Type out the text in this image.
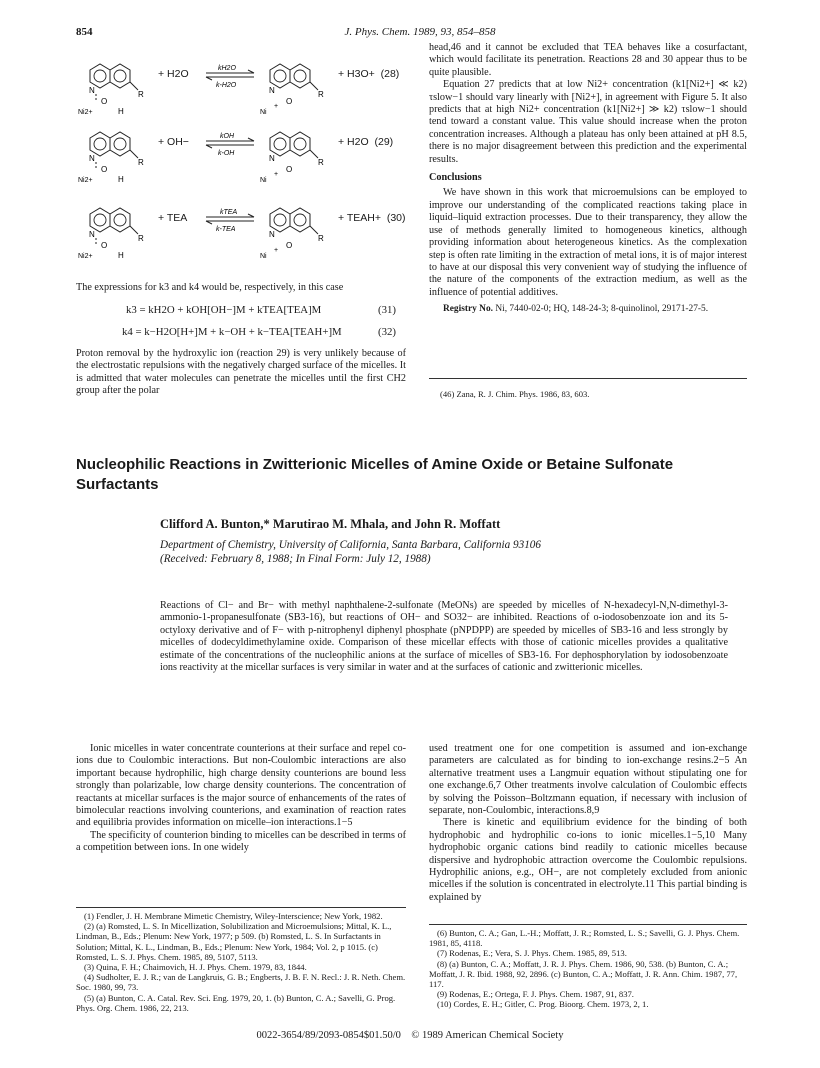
854	J. Phys. Chem. 1989, 93, 854–858
N	R
O
H
Ni2+
+ H2O	kH2O
k-H2O
N	R
O
Ni
+
+ H3O+ (28)
N	R
O
H
Ni2+
+ OH−	kOH
k-OH
N	R
O
Ni
+
+ H2O (29)
N	R
O
H
Ni2+
+ TEA	kTEA
k-TEA
N	R
O
Ni
+
+ TEAH+ (30)
The expressions for k3 and k4 would be, respectively, in this case
k3 = kH2O + kOH[OH−]M + kTEA[TEA]M	(31)
k4 = k−H2O[H+]M + k−OH + k−TEA[TEAH+]M	(32)

Proton removal by the hydroxylic ion (reaction 29) is very unlikely because of the electrostatic repulsions with the negatively charged surface of the micelles. It is admitted that water molecules can penetrate the micelles until the first CH2 group after the polar

head,46 and it cannot be excluded that TEA behaves like a cosurfactant, which would facilitate its penetration. Reactions 28 and 30 appear thus to be quite plausible.

Equation 27 predicts that at low Ni2+ concentration (k1[Ni2+] ≪ k2) τslow−1 should vary linearly with [Ni2+], in agreement with Figure 5. It also predicts that at high Ni2+ concentration (k1[Ni2+] ≫ k2) τslow−1 should tend toward a constant value. This value should increase when the proton concentration increases. Although a plateau has only been attained at pH 8.5, there is no major disagreement between this prediction and the experimental results.

Conclusions

We have shown in this work that microemulsions can be employed to improve our understanding of the complicated reactions taking place in liquid–liquid extraction processes. Due to their transparency, they allow the use of methods generally limited to homogeneous kinetics, although providing information about heterogeneous kinetics. As the complexation step is often rate limiting in the extraction of metal ions, it is of major interest to have at our disposal this very convenient way of studying the influence of the nature of the components of the extraction medium, as well as the influence of potential additives.

Registry No. Ni, 7440-02-0; HQ, 148-24-3; 8-quinolinol, 29171-27-5.

(46) Zana, R. J. Chim. Phys. 1986, 83, 603.
Nucleophilic Reactions in Zwitterionic Micelles of Amine Oxide or Betaine Sulfonate Surfactants
Clifford A. Bunton,* Marutirao M. Mhala, and John R. Moffatt
Department of Chemistry, University of California, Santa Barbara, California 93106
(Received: February 8, 1988; In Final Form: July 12, 1988)
Reactions of Cl− and Br− with methyl naphthalene-2-sulfonate (MeONs) are speeded by micelles of N-hexadecyl-N,N-dimethyl-3-ammonio-1-propanesulfonate (SB3-16), but reactions of OH− and SO32− are inhibited. Reactions of o-iodosobenzoate ion and its 5-octyloxy derivative and of F− with p-nitrophenyl diphenyl phosphate (pNPDPP) are speeded by micelles of SB3-16 and less strongly by micelles of dodecyldimethylamine oxide. Comparison of these micellar effects with those of cationic micelles provides a qualitative estimate of the concentrations of the nucleophilic anions at the surface of micelles of SB3-16. For dephosphorylation by iodosobenzoate ions reactivity at the micellar surfaces is very similar in water and at the surfaces of cationic and zwitterionic micelles.

Ionic micelles in water concentrate counterions at their surface and repel co-ions due to Coulombic interactions. But non-Coulombic interactions are also important because hydrophilic, high charge density counterions are bound less strongly than polarizable, low charge density counterions. The concentration of reactants at micellar surfaces is the major source of enhancements of the rates of bimolecular reactions involving counterions, and examination of reaction rates and equilibria provides information on micelle–ion interactions.1−5

The specificity of counterion binding to micelles can be described in terms of a competition between ions. In one widely

used treatment one for one competition is assumed and ion-exchange parameters are calculated as for binding to ion-exchange resins.2−5 An alternative treatment uses a Langmuir equation without stipulating one for one exchange.6,7 Other treatments involve calculation of Coulombic effects by solving the Poisson–Boltzmann equation, if necessary with inclusion of separate, non-Coulombic, interactions.8,9

There is kinetic and equilibrium evidence for the binding of both hydrophobic and hydrophilic co-ions to ionic micelles.1−5,10 Many hydrophobic organic cations bind readily to cationic micelles because dispersive and hydrophobic attraction overcome the Coulombic repulsions. Hydrophilic anions, e.g., OH−, are not completely excluded from anionic micelles if the solution is concentrated in electrolyte.11 This partial binding is explained by

(1) Fendler, J. H. Membrane Mimetic Chemistry, Wiley-Interscience; New York, 1982.
(2) (a) Romsted, L. S. In Micellization, Solubilization and Microemulsions; Mittal, K. L., Lindman, B., Eds.; Plenum: New York, 1977; p 509. (b) Romsted, L. S. In Surfactants in Solution; Mittal, K. L., Lindman, B., Eds.; Plenum: New York, 1984; Vol. 2, p 1015. (c) Romsted, L. S. J. Phys. Chem. 1985, 89, 5107, 5113.
(3) Quina, F. H.; Chaimovich, H. J. Phys. Chem. 1979, 83, 1844.
(4) Sudholter, E. J. R.; van de Langkruis, G. B.; Engberts, J. B. F. N. Recl.: J. R. Neth. Chem. Soc. 1980, 99, 73.
(5) (a) Bunton, C. A. Catal. Rev. Sci. Eng. 1979, 20, 1. (b) Bunton, C. A.; Savelli, G. Prog. Phys. Org. Chem. 1986, 22, 213.
(6) Bunton, C. A.; Gan, L.-H.; Moffatt, J. R.; Romsted, L. S.; Savelli, G. J. Phys. Chem. 1981, 85, 4118.
(7) Rodenas, E.; Vera, S. J. Phys. Chem. 1985, 89, 513.
(8) (a) Bunton, C. A.; Moffatt, J. R. J. Phys. Chem. 1986, 90, 538. (b) Bunton, C. A.; Moffatt, J. R. Ibid. 1988, 92, 2896. (c) Bunton, C. A.; Moffatt, J. R. Ann. Chim. 1987, 77, 117.
(9) Rodenas, E.; Ortega, F. J. Phys. Chem. 1987, 91, 837.
(10) Cordes, E. H.; Gitler, C. Prog. Bioorg. Chem. 1973, 2, 1.
0022-3654/89/2093-0854$01.50/0 © 1989 American Chemical Society
